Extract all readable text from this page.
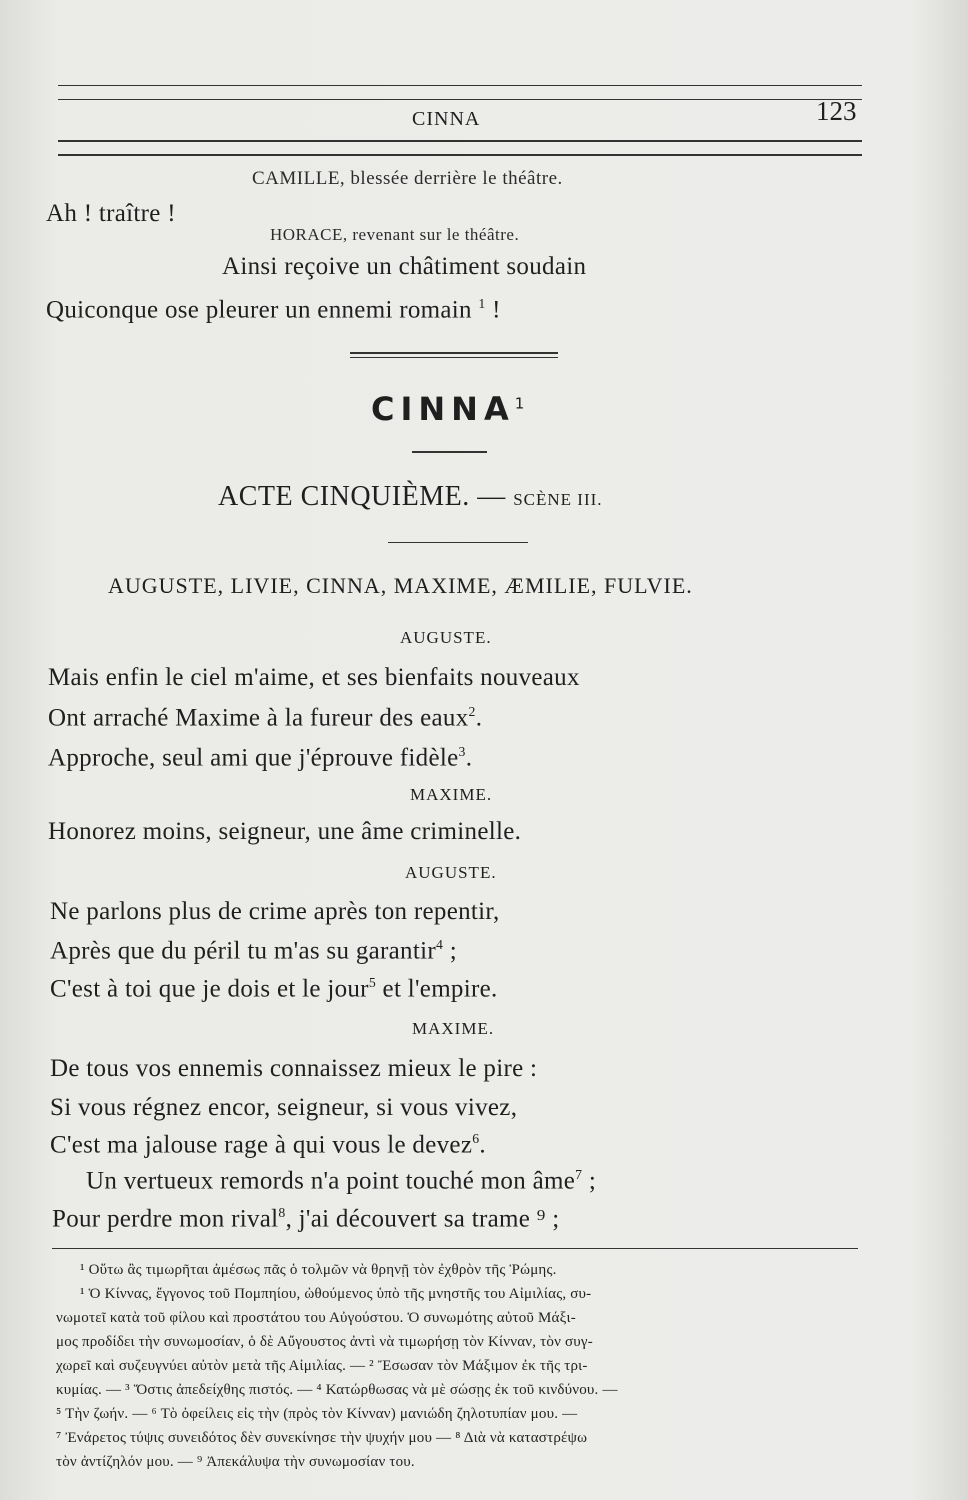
CINNA	123
CAMILLE, blessée derrière le théâtre.
Ah ! traître !
HORACE, revenant sur le théâtre.
Ainsi reçoive un châtiment soudain
Quiconque ose pleurer un ennemi romain $^1$ !
CINNA$^1$
ACTE CINQUIÈME. — SCÈNE III.
AUGUSTE, LIVIE, CINNA, MAXIME, ÆMILIE, FULVIE.
AUGUSTE.
Mais enfin le ciel m'aime, et ses bienfaits nouveaux
Ont arraché Maxime à la fureur des eaux$^2$.
Approche, seul ami que j'éprouve fidèle$^3$.
MAXIME.
Honorez moins, seigneur, une âme criminelle.
AUGUSTE.
Ne parlons plus de crime après ton repentir,
Après que du péril tu m'as su garantir$^4$ ;
C'est à toi que je dois et le jour$^5$ et l'empire.
MAXIME.
De tous vos ennemis connaissez mieux le pire :
Si vous régnez encor, seigneur, si vous vivez,
C'est ma jalouse rage à qui vous le devez$^6$.
Un vertueux remords n'a point touché mon âme$^7$ ;
Pour perdre mon rival$^8$, j'ai découvert sa trame ⁹ ;
¹ Οὕτω ἂς τιμωρῆται ἀμέσως πᾶς ὁ τολμῶν νὰ θρηνῇ τὸν ἐχθρὸν τῆς Ῥώμης.
¹ Ὁ Κίννας, ἔγγονος τοῦ Πομπηίου, ὠθούμενος ὑπὸ τῆς μνηστῆς του Αἰμιλίας, συ-
νωμοτεῖ κατὰ τοῦ φίλου καὶ προστάτου του Αὐγούστου. Ὁ συνωμότης αὐτοῦ Μάξι-
μος προδίδει τὴν συνωμοσίαν, ὁ δὲ Αὔγουστος ἀντὶ νὰ τιμωρήσῃ τὸν Κίνναν, τὸν συγ-
χωρεῖ καὶ συζευγνύει αὐτὸν μετὰ τῆς Αἰμιλίας. — ² Ἔσωσαν τὸν Μάξιμον ἐκ τῆς τρι-
κυμίας. — ³ Ὅστις ἀπεδείχθης πιστός. — ⁴ Κατώρθωσας νὰ μὲ σώσῃς ἐκ τοῦ κινδύνου. —
⁵ Τὴν ζωήν. — ⁶ Τὸ ὀφείλεις εἰς τὴν (πρὸς τὸν Κίνναν) μανιώδη ζηλοτυπίαν μου. —
⁷ Ἐνάρετος τύψις συνειδότος δὲν συνεκίνησε τὴν ψυχήν μου — ⁸ Διὰ νὰ καταστρέψω
τὸν ἀντίζηλόν μου. — ⁹ Ἀπεκάλυψα τὴν συνωμοσίαν του.
